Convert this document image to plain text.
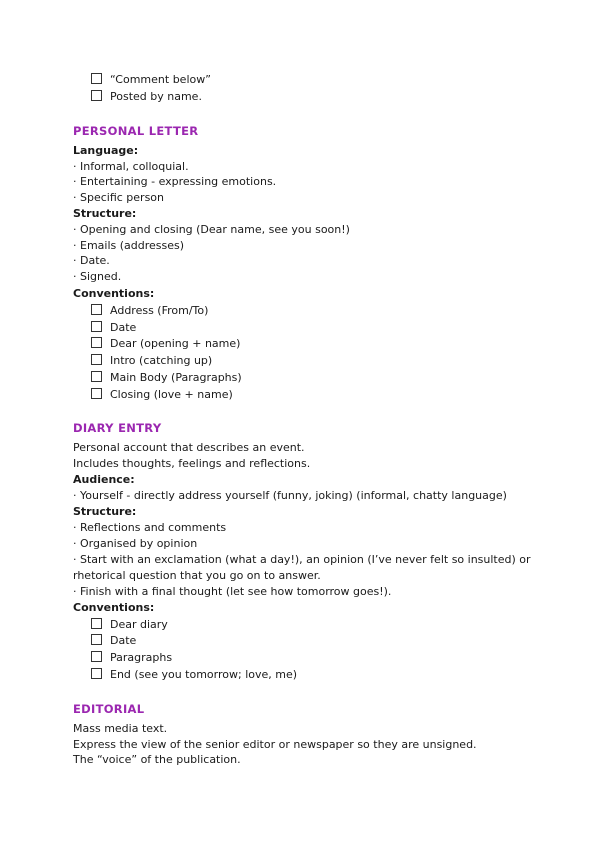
“Comment below”
Posted by name.
PERSONAL LETTER
Language:
· Informal, colloquial.
· Entertaining - expressing emotions.
· Specific person
Structure:
· Opening and closing (Dear name, see you soon!)
· Emails (addresses)
· Date.
· Signed.
Conventions:
Address (From/To)
Date
Dear (opening + name)
Intro (catching up)
Main Body (Paragraphs)
Closing (love + name)
DIARY ENTRY
Personal account that describes an event.
Includes thoughts, feelings and reflections.
Audience:
· Yourself - directly address yourself (funny, joking) (informal, chatty language)
Structure:
· Reflections and comments
· Organised by opinion
· Start with an exclamation (what a day!), an opinion (I’ve never felt so insulted) or
rhetorical question that you go on to answer.
· Finish with a final thought (let see how tomorrow goes!).
Conventions:
Dear diary
Date
Paragraphs
End (see you tomorrow; love, me)
EDITORIAL
Mass media text.
Express the view of the senior editor or newspaper so they are unsigned.
The “voice” of the publication.
